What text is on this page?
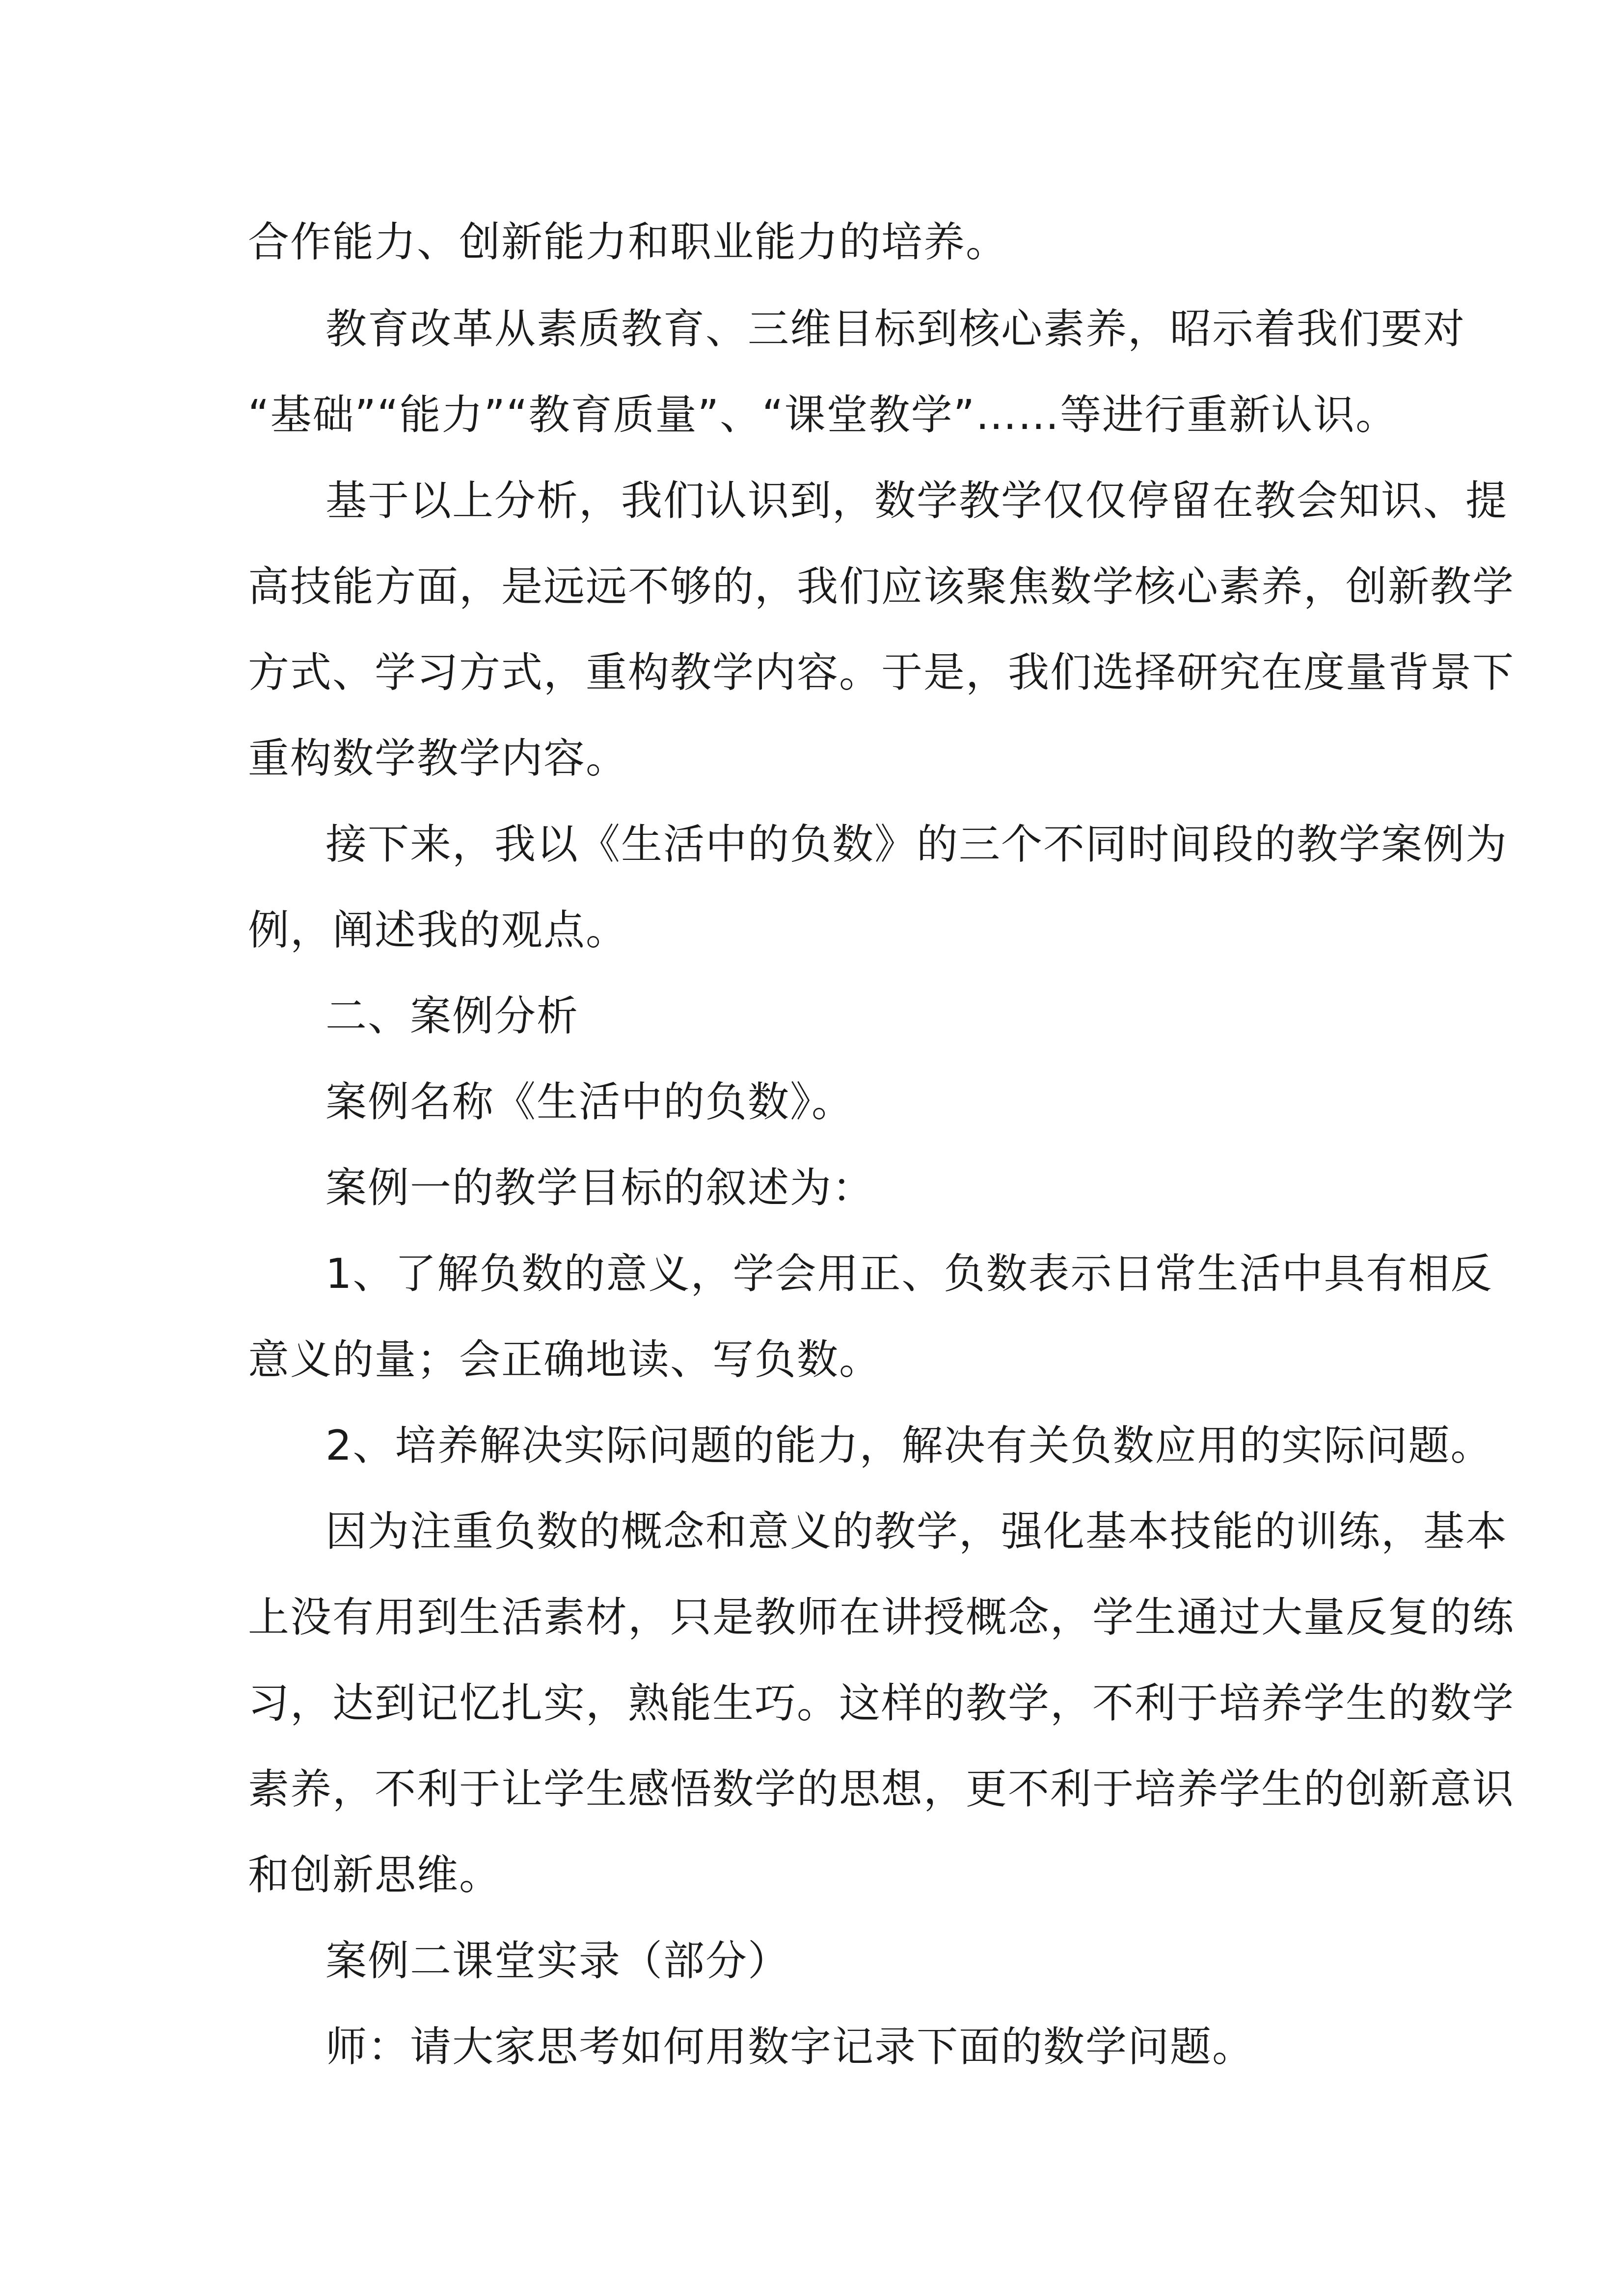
合作能力、创新能力和职业能力的培养。
教育改革从素质教育、三维目标到核心素养，昭示着我们要对
“基础”“能力”“教育质量”、“课堂教学”……等进行重新认识。
基于以上分析，我们认识到，数学教学仅仅停留在教会知识、提
高技能方面，是远远不够的，我们应该聚焦数学核心素养，创新教学
方式、学习方式，重构教学内容。于是，我们选择研究在度量背景下
重构数学教学内容。
接下来，我以《生活中的负数》的三个不同时间段的教学案例为
例，阐述我的观点。
二、案例分析
案例名称《生活中的负数》。
案例一的教学目标的叙述为：
1、了解负数的意义，学会用正、负数表示日常生活中具有相反
意义的量；会正确地读、写负数。
2、培养解决实际问题的能力，解决有关负数应用的实际问题。
因为注重负数的概念和意义的教学，强化基本技能的训练，基本
上没有用到生活素材，只是教师在讲授概念，学生通过大量反复的练
习，达到记忆扎实，熟能生巧。这样的教学，不利于培养学生的数学
素养，不利于让学生感悟数学的思想，更不利于培养学生的创新意识
和创新思维。
案例二课堂实录（部分）
师：请大家思考如何用数字记录下面的数学问题。
